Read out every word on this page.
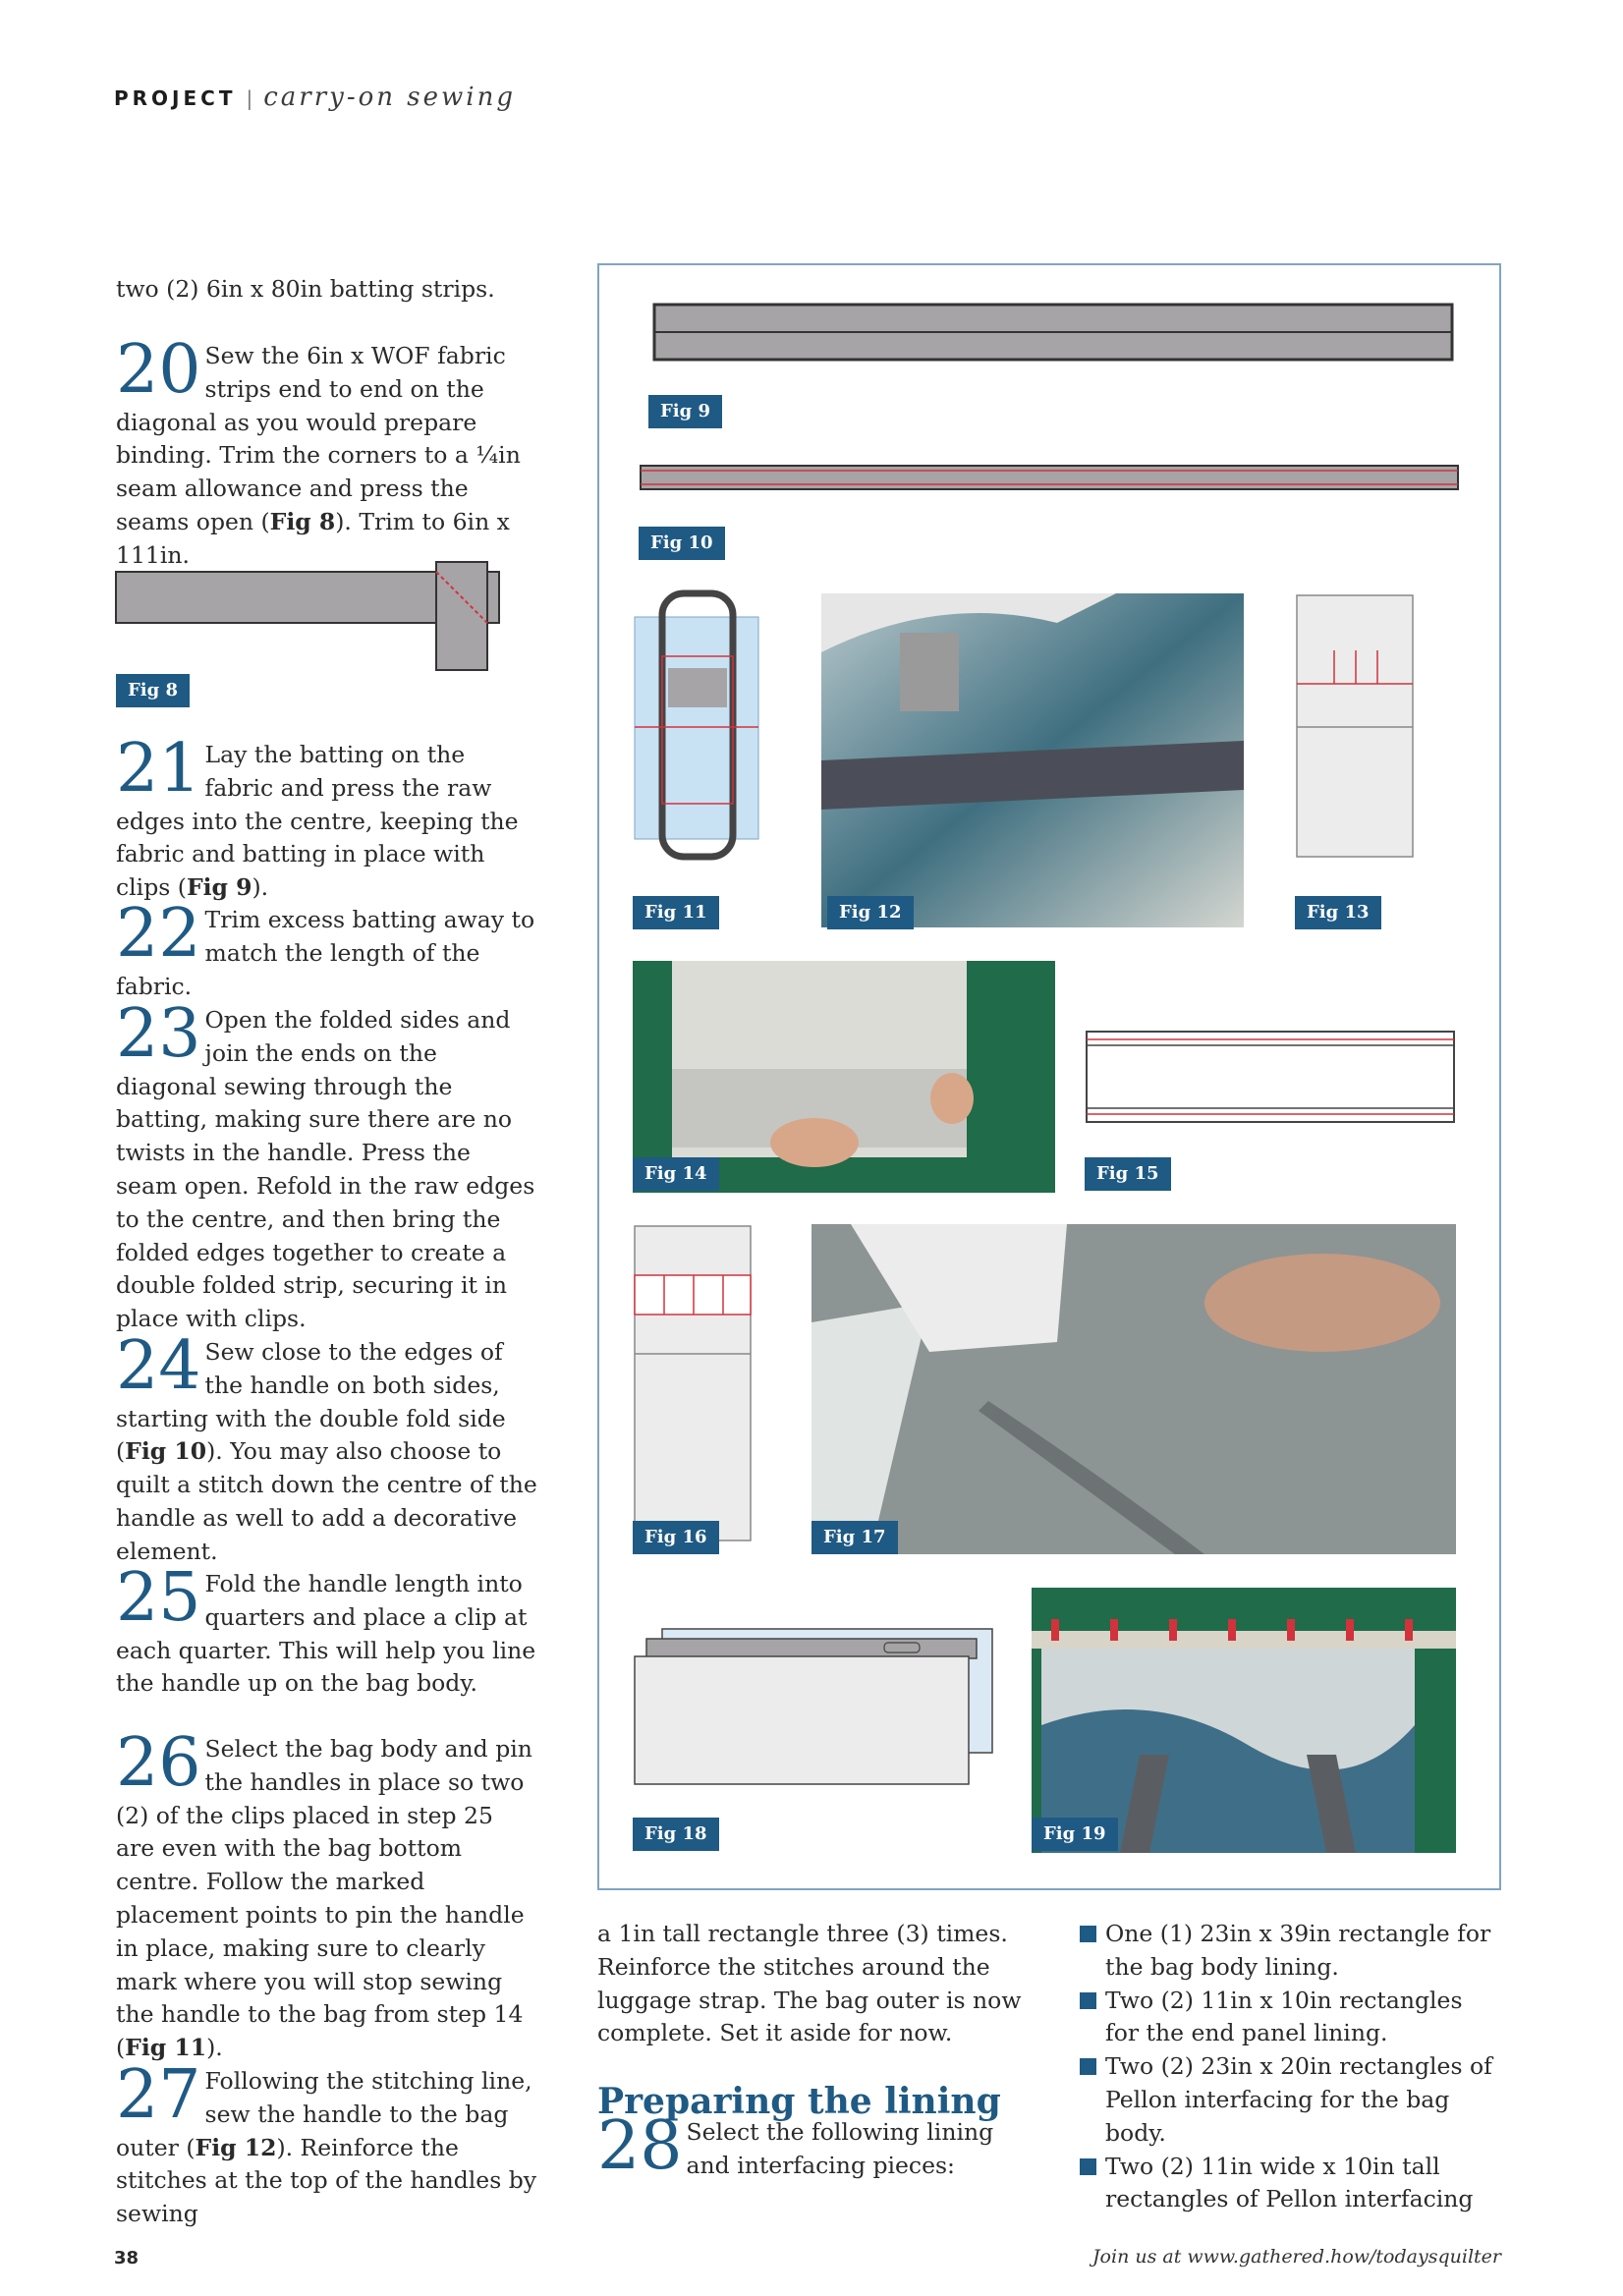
PROJECT | carry-on sewing

two (2) 6in x 80in batting strips.

20 Sew the 6in x WOF fabric strips end to end on the diagonal as you would prepare binding. Trim the corners to a ¼in seam allowance and press the seams open (Fig 8). Trim to 6in x 111in.
Fig 8
21 Lay the batting on the fabric and press the raw edges into the centre, keeping the fabric and batting in place with clips (Fig 9).
22 Trim excess batting away to match the length of the fabric.
23 Open the folded sides and join the ends on the diagonal sewing through the batting, making sure there are no twists in the handle. Press the seam open. Refold in the raw edges to the centre, and then bring the folded edges together to create a double folded strip, securing it in place with clips.
24 Sew close to the edges of the handle on both sides, starting with the double fold side (Fig 10). You may also choose to quilt a stitch down the centre of the handle as well to add a decorative element.
25 Fold the handle length into quarters and place a clip at each quarter. This will help you line the handle up on the bag body.
26 Select the bag body and pin the handles in place so two (2) of the clips placed in step 25 are even with the bag bottom centre. Follow the marked placement points to pin the handle in place, making sure to clearly mark where you will stop sewing the handle to the bag from step 14 (Fig 11).
27 Following the stitching line, sew the handle to the bag outer (Fig 12). Reinforce the stitches at the top of the handles by sewing
Fig 9
Fig 10
Fig 11	Fig 12	Fig 13
Fig 14	Fig 15
Fig 16	Fig 17
Fig 18	Fig 19

a 1in tall rectangle three (3) times. Reinforce the stitches around the luggage strap. The bag outer is now complete. Set it aside for now.

Preparing the lining
28 Select the following lining and interfacing pieces:
One (1) 23in x 39in rectangle for the bag body lining.
Two (2) 11in x 10in rectangles for the end panel lining.
Two (2) 23in x 20in rectangles of Pellon interfacing for the bag body.
Two (2) 11in wide x 10in tall rectangles of Pellon interfacing
38	Join us at www.gathered.how/todaysquilter
